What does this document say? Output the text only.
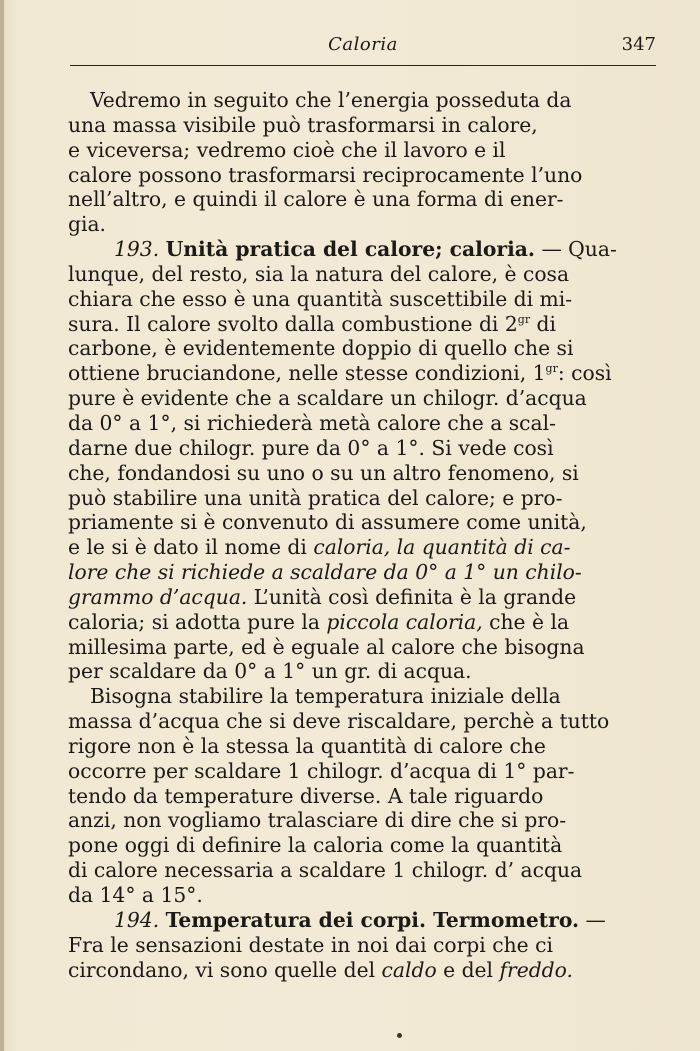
Caloria	347
Vedremo in seguito che l’energia posseduta da
una massa visibile può trasformarsi in calore,
e viceversa; vedremo cioè che il lavoro e il
calore possono trasformarsi reciprocamente l’uno
nell’altro, e quindi il calore è una forma di ener-
gia.
193. Unità pratica del calore; caloria. — Qua-
lunque, del resto, sia la natura del calore, è cosa
chiara che esso è una quantità suscettibile di mi-
sura. Il calore svolto dalla combustione di $2^{gr}$ di
carbone, è evidentemente doppio di quello che si
ottiene bruciandone, nelle stesse condizioni, $1^{gr}$: così
pure è evidente che a scaldare un chilogr. d’acqua
da 0° a 1°, si richiederà metà calore che a scal-
darne due chilogr. pure da 0° a 1°. Si vede così
che, fondandosi su uno o su un altro fenomeno, si
può stabilire una unità pratica del calore; e pro-
priamente si è convenuto di assumere come unità,
e le si è dato il nome di caloria, la quantità di ca-
lore che si richiede a scaldare da 0° a 1° un chilo-
grammo d’acqua. L’unità così definita è la grande
caloria; si adotta pure la piccola caloria, che è la
millesima parte, ed è eguale al calore che bisogna
per scaldare da 0° a 1° un gr. di acqua.
Bisogna stabilire la temperatura iniziale della
massa d’acqua che si deve riscaldare, perchè a tutto
rigore non è la stessa la quantità di calore che
occorre per scaldare 1 chilogr. d’acqua di 1° par-
tendo da temperature diverse. A tale riguardo
anzi, non vogliamo tralasciare di dire che si pro-
pone oggi di definire la caloria come la quantità
di calore necessaria a scaldare 1 chilogr. d’ acqua
da 14° a 15°.
194. Temperatura dei corpi. Termometro. —
Fra le sensazioni destate in noi dai corpi che ci
circondano, vi sono quelle del caldo e del freddo.
